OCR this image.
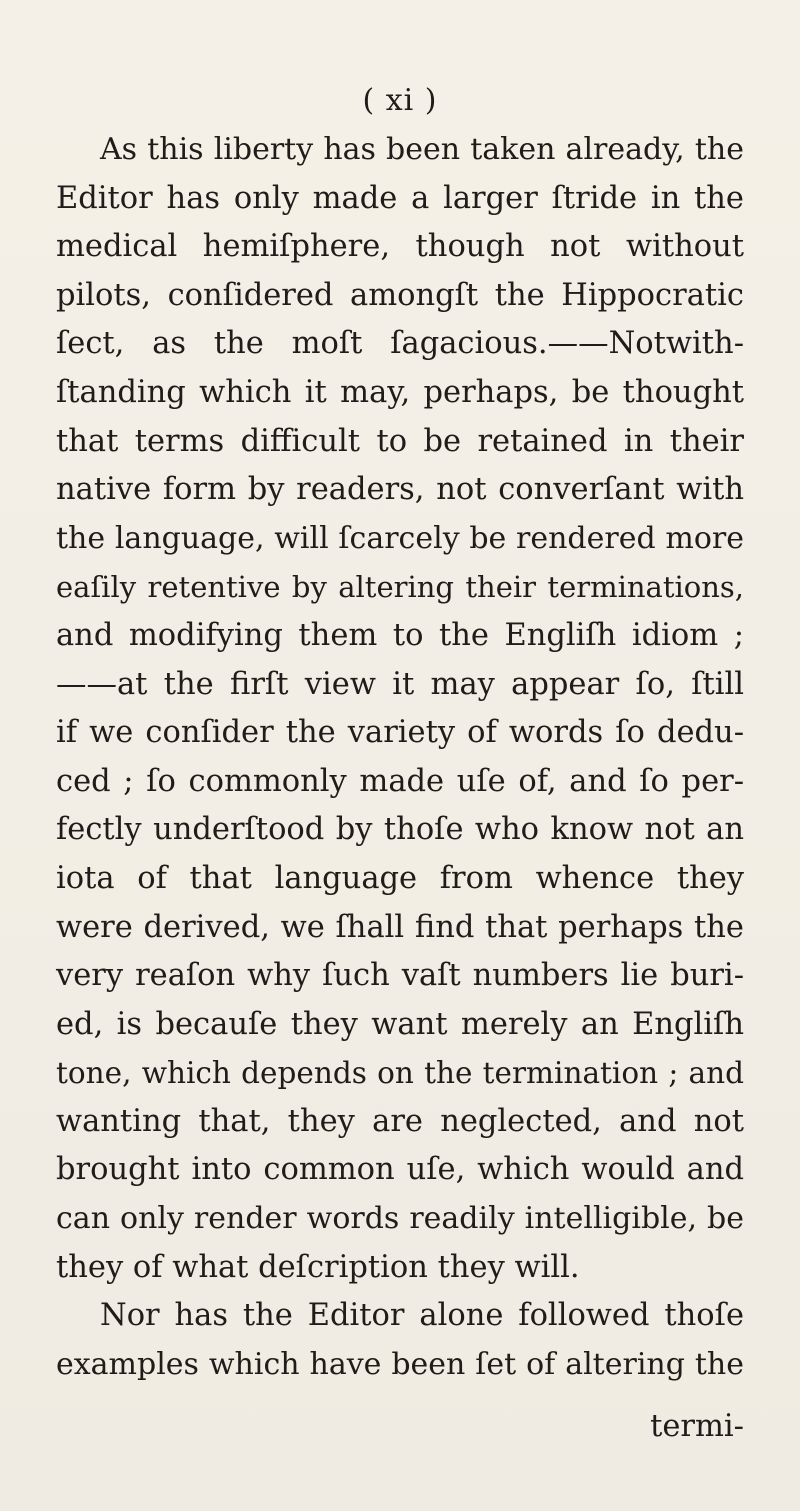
( xi )
As this liberty has been taken already, the
Editor has only made a larger ſtride in the
medical hemiſphere, though not without
pilots, conſidered amongſt the Hippocratic
ſect, as the moſt ſagacious.——Notwith-
ſtanding which it may, perhaps, be thought
that terms difficult to be retained in their
native form by readers, not converſant with
the language, will ſcarcely be rendered more
eaſily retentive by altering their terminations,
and modifying them to the Engliſh idiom ;
——at the firſt view it may appear ſo, ſtill
if we conſider the variety of words ſo dedu-
ced ; ſo commonly made uſe of, and ſo per-
fectly underſtood by thoſe who know not an
iota of that language from whence they
were derived, we ſhall find that perhaps the
very reaſon why ſuch vaſt numbers lie buri-
ed, is becauſe they want merely an Engliſh
tone, which depends on the termination ; and
wanting that, they are neglected, and not
brought into common uſe, which would and
can only render words readily intelligible, be
they of what deſcription they will.
Nor has the Editor alone followed thoſe
examples which have been ſet of altering the
termi-
